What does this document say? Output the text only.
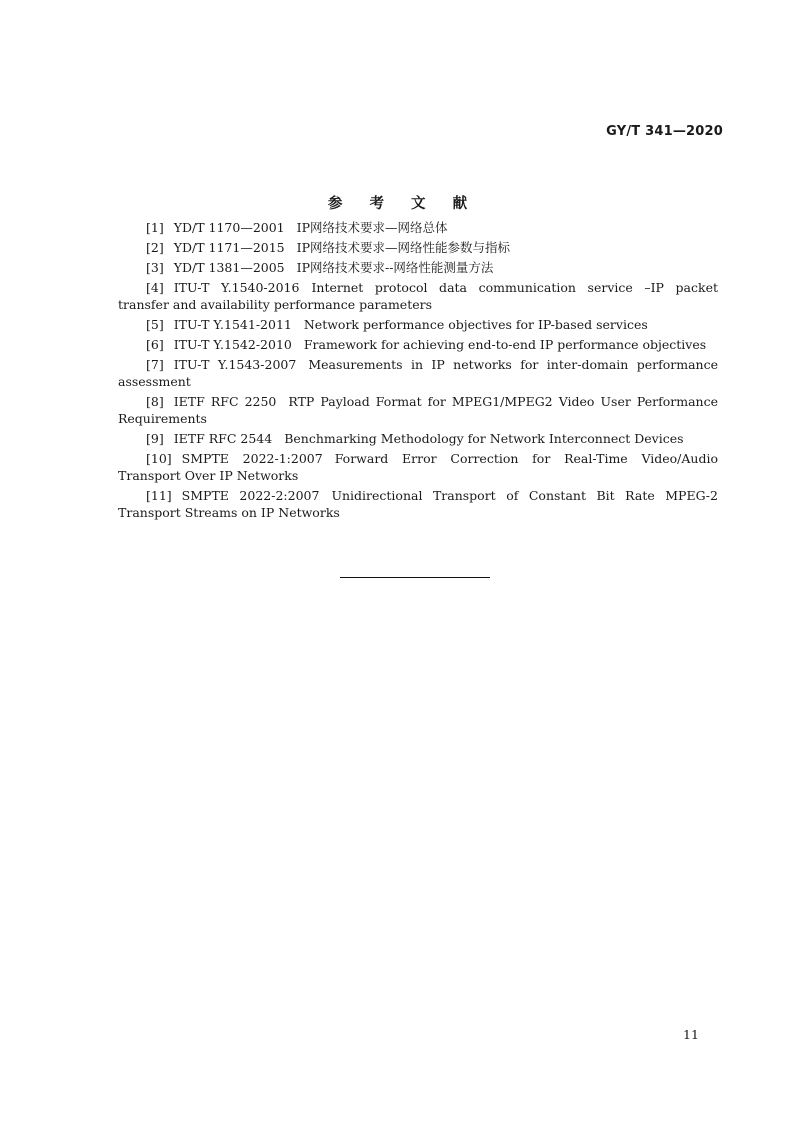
GY/T 341—2020
参 考 文 献
[1] YD/T 1170—2001 IP网络技术要求—网络总体
[2] YD/T 1171—2015 IP网络技术要求—网络性能参数与指标
[3] YD/T 1381—2005 IP网络技术要求--网络性能测量方法
[4] ITU-T Y.1540-2016 Internet protocol data communication service –IP packet transfer and availability performance parameters
[5] ITU-T Y.1541-2011 Network performance objectives for IP-based services
[6] ITU-T Y.1542-2010 Framework for achieving end-to-end IP performance objectives
[7] ITU-T Y.1543-2007 Measurements in IP networks for inter-domain performance assessment
[8] IETF RFC 2250 RTP Payload Format for MPEG1/MPEG2 Video User Performance Requirements
[9] IETF RFC 2544 Benchmarking Methodology for Network Interconnect Devices
[10] SMPTE 2022-1:2007 Forward Error Correction for Real-Time Video/Audio Transport Over IP Networks
[11] SMPTE 2022-2:2007 Unidirectional Transport of Constant Bit Rate MPEG-2 Transport Streams on IP Networks
11
